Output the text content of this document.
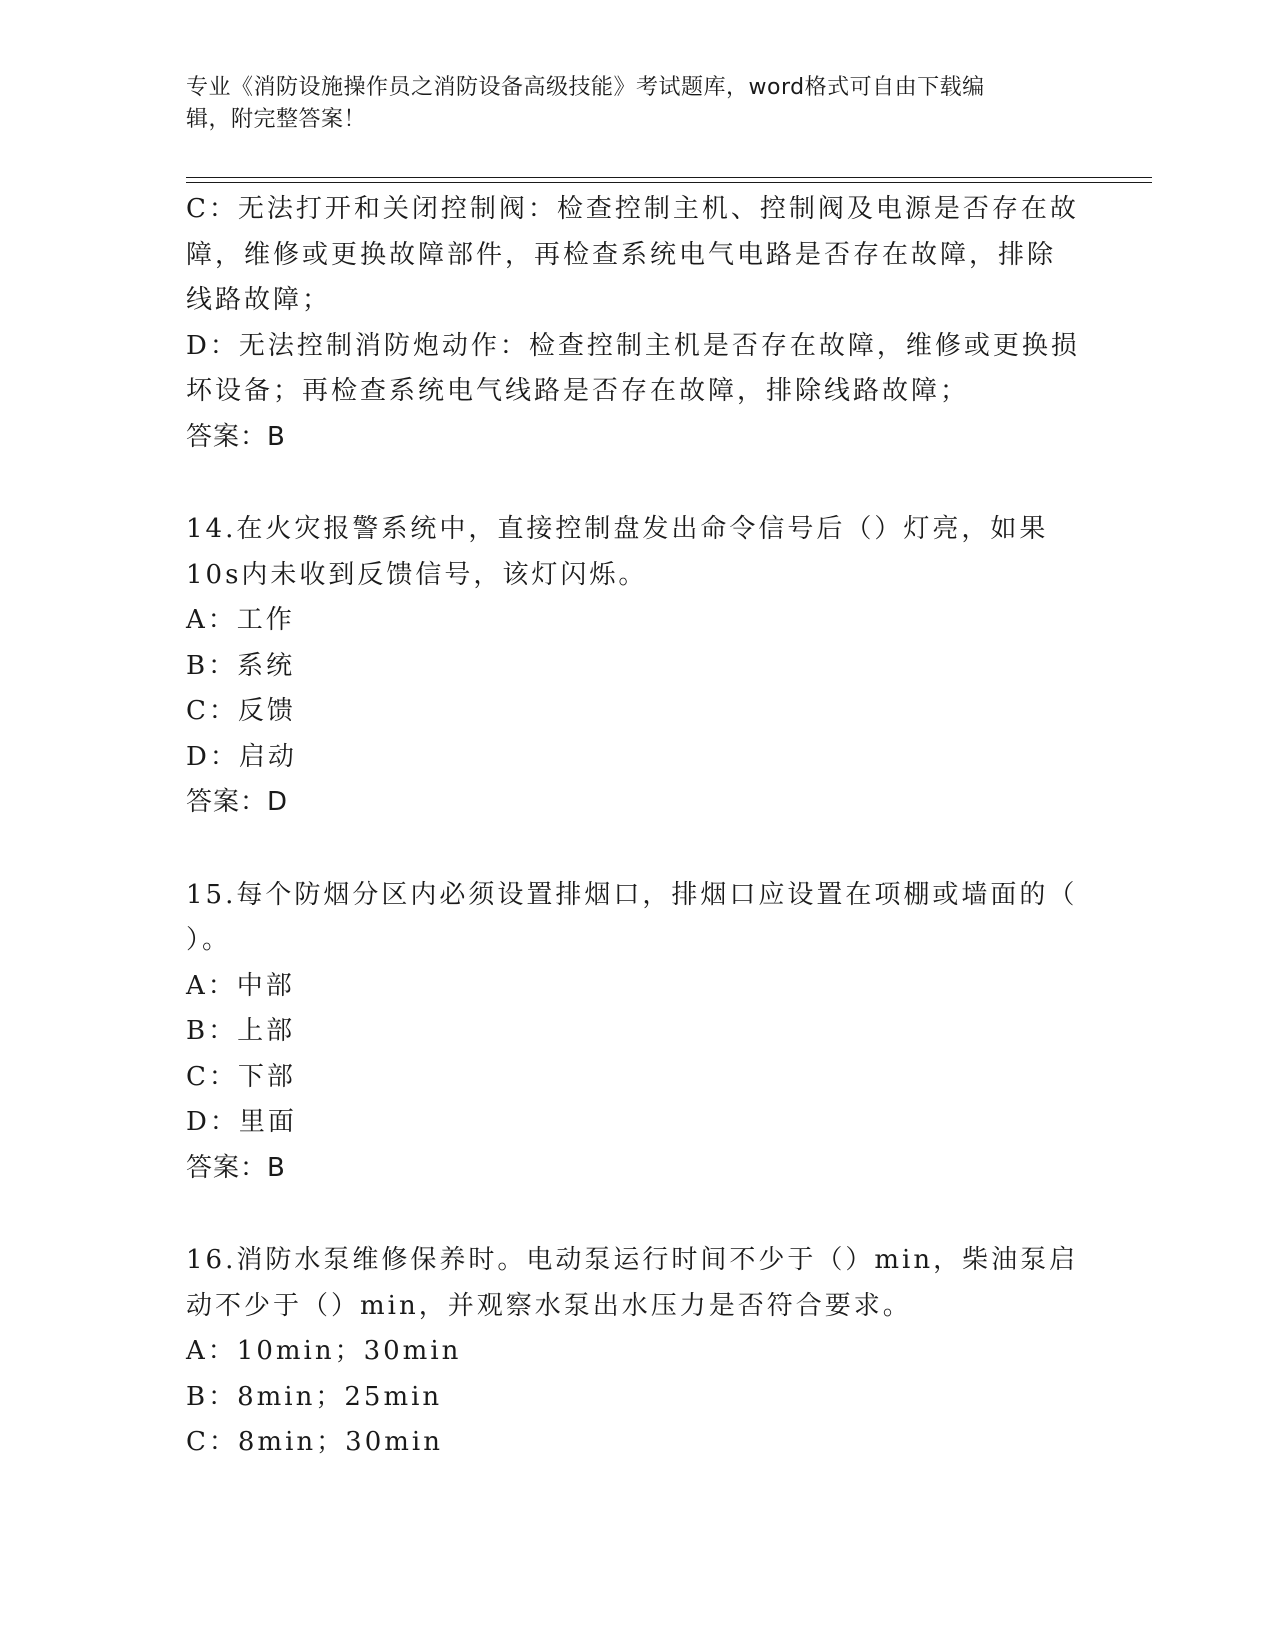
专业《消防设施操作员之消防设备高级技能》考试题库，word格式可自由下载编
辑，附完整答案！
C：无法打开和关闭控制阀：检查控制主机、控制阀及电源是否存在故
障，维修或更换故障部件，再检查系统电气电路是否存在故障，排除
线路故障；
D：无法控制消防炮动作：检查控制主机是否存在故障，维修或更换损
坏设备；再检查系统电气线路是否存在故障，排除线路故障；
答案：B
14.在火灾报警系统中，直接控制盘发出命令信号后（）灯亮，如果
10s内未收到反馈信号，该灯闪烁。
A：工作
B：系统
C：反馈
D：启动
答案：D
15.每个防烟分区内必须设置排烟口，排烟口应设置在项棚或墙面的（
）。
A：中部
B：上部
C：下部
D：里面
答案：B
16.消防水泵维修保养时。电动泵运行时间不少于（）min，柴油泵启
动不少于（）min，并观察水泵出水压力是否符合要求。
A：10min；30min
B：8min；25min
C：8min；30min
